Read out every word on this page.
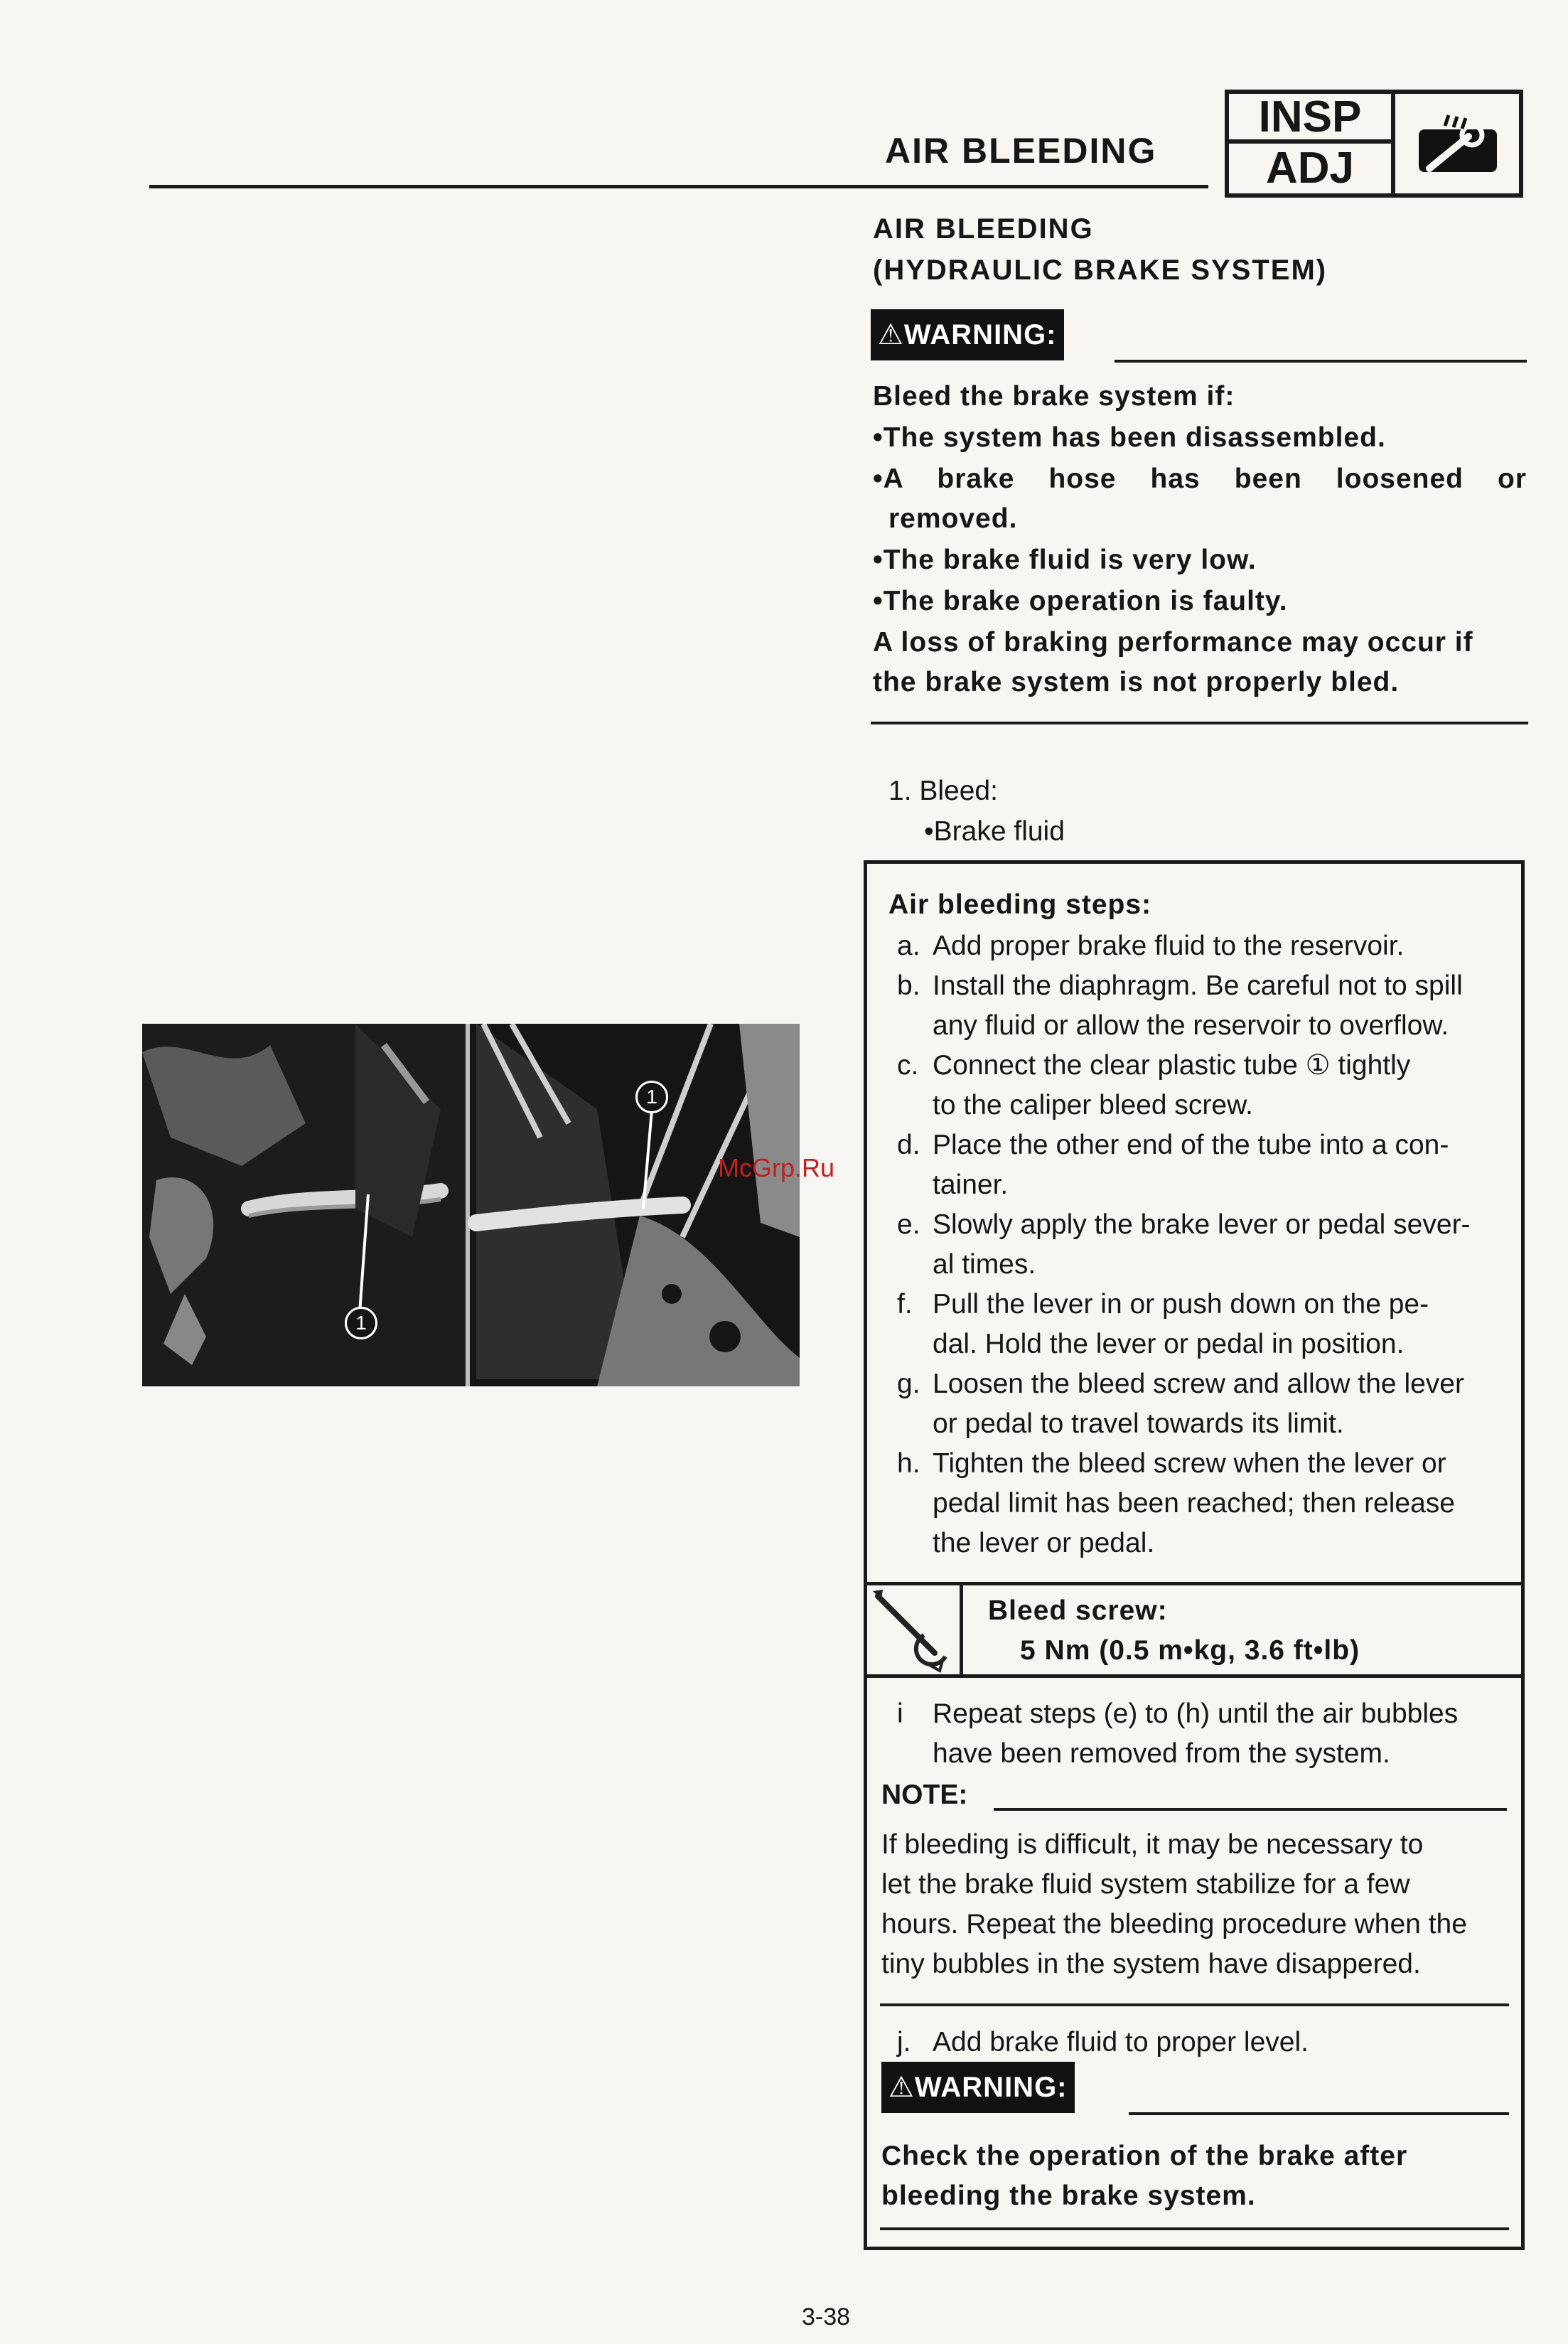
AIR BLEEDING
INSP
ADJ
AIR BLEEDING
(HYDRAULIC BRAKE SYSTEM)
⚠WARNING:
Bleed the brake system if:
•The system has been disassembled.
•A brake hose has been loosened or
removed.
•The brake fluid is very low.
•The brake operation is faulty.
A loss of braking performance may occur if
the brake system is not properly bled.
1. Bleed:
•Brake fluid
1
1
McGrp.Ru
Air bleeding steps:
a. Add proper brake fluid to the reservoir.
b. Install the diaphragm. Be careful not to spill
any fluid or allow the reservoir to overflow.
c. Connect the clear plastic tube ① tightly
to the caliper bleed screw.
d. Place the other end of the tube into a con-
tainer.
e. Slowly apply the brake lever or pedal sever-
al times.
f. Pull the lever in or push down on the pe-
dal. Hold the lever or pedal in position.
g. Loosen the bleed screw and allow the lever
or pedal to travel towards its limit.
h. Tighten the bleed screw when the lever or
pedal limit has been reached; then release
the lever or pedal.
Bleed screw:
5 Nm (0.5 m•kg, 3.6 ft•lb)
i Repeat steps (e) to (h) until the air bubbles
have been removed from the system.
NOTE:
If bleeding is difficult, it may be necessary to
let the brake fluid system stabilize for a few
hours. Repeat the bleeding procedure when the
tiny bubbles in the system have disappered.
j. Add brake fluid to proper level.
⚠WARNING:
Check the operation of the brake after
bleeding the brake system.
3-38
